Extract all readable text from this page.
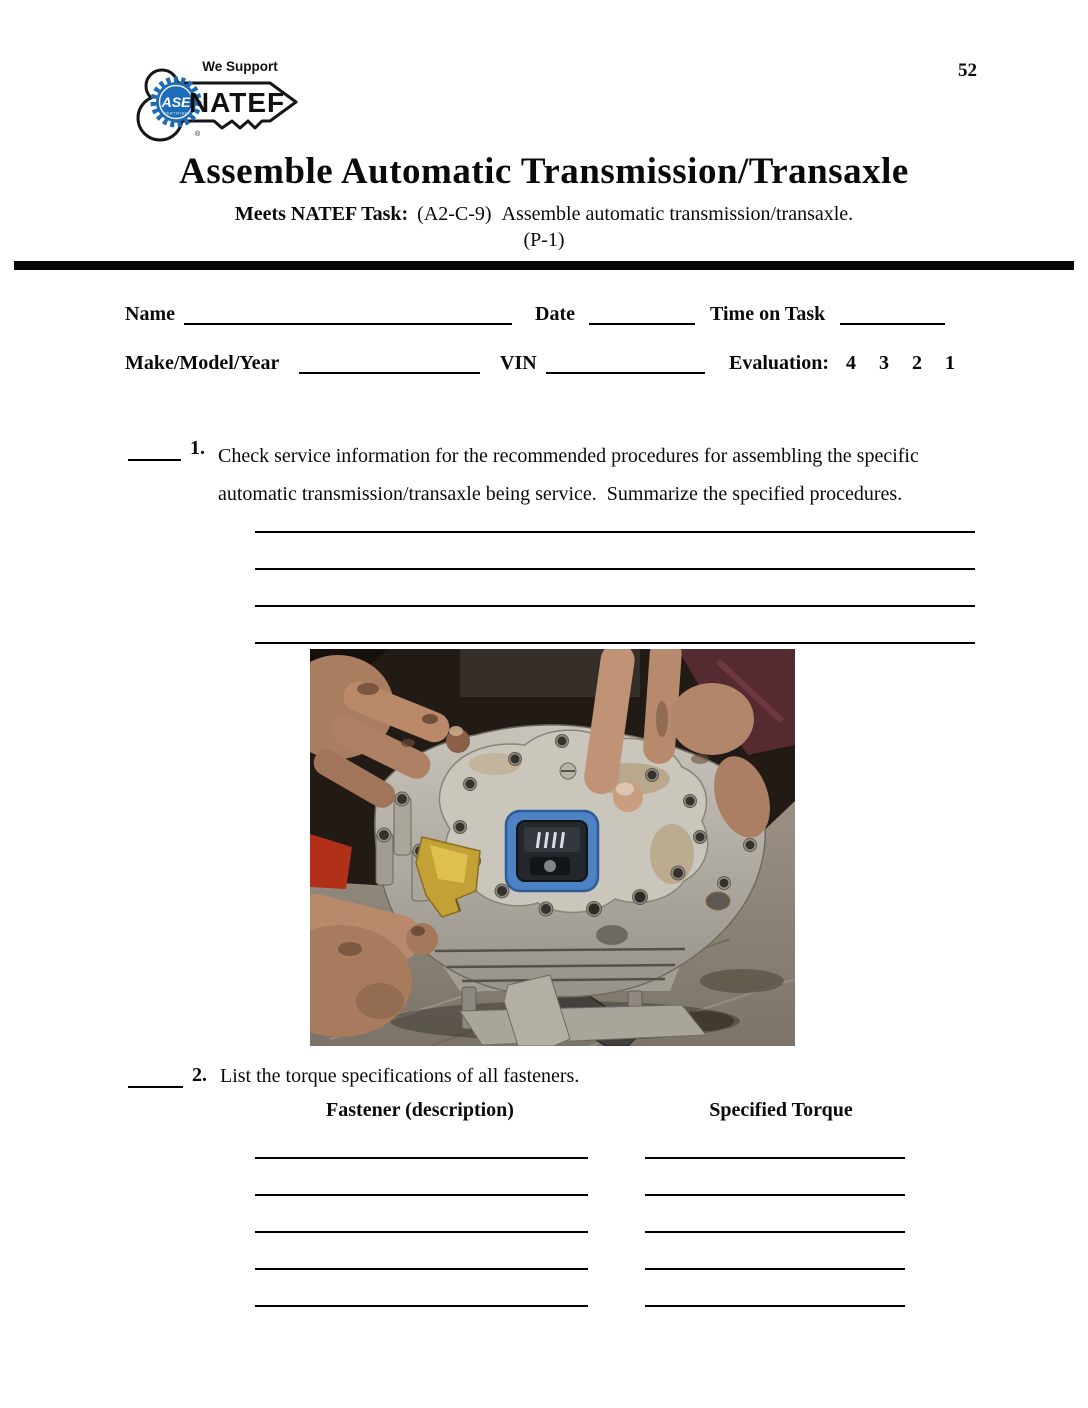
52
ASE
CERTIFIED
We Support
NATEF
®
Assemble Automatic Transmission/Transaxle
Meets NATEF Task: (A2-C-9) Assemble automatic transmission/transaxle.
(P-1)
Name	Date	Time on Task
Make/Model/Year	VIN	Evaluation: 4 3 2 1
1. Check service information for the recommended procedures for assembling the specific automatic transmission/transaxle being service.  Summarize the specified procedures.
2. List the torque specifications of all fasteners.
Fastener (description)	Specified Torque
